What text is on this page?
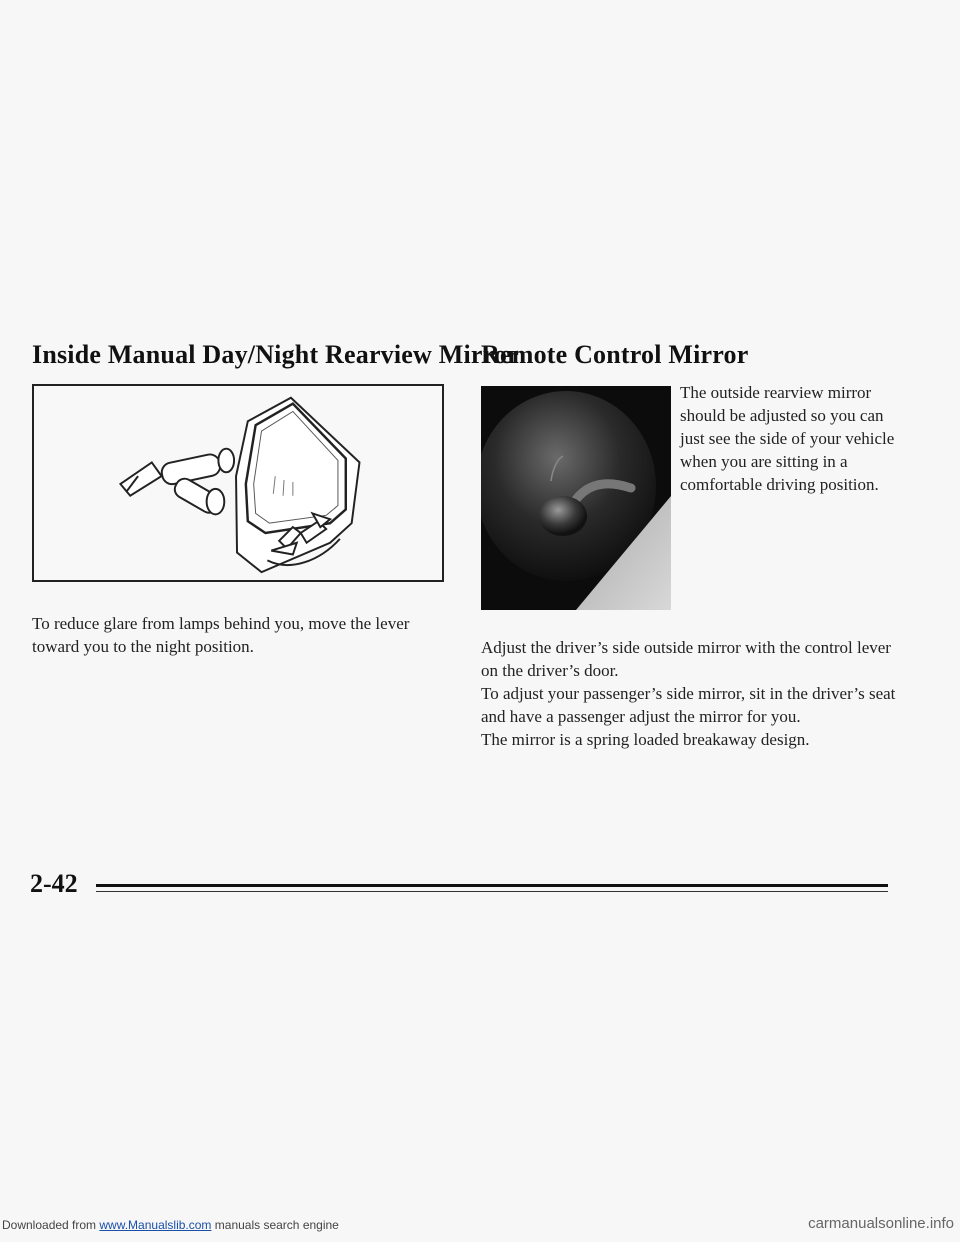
Inside Manual Day/Night Rearview Mirror
Remote Control Mirror

To reduce glare from lamps behind you, move the lever toward you to the night position.

The outside rearview mirror should be adjusted so you can just see the side of your vehicle when you are sitting in a comfortable driving position.

Adjust the driver’s side outside mirror with the control lever on the driver’s door.

To adjust your passenger’s side mirror, sit in the driver’s seat and have a passenger adjust the mirror for you.

The mirror is a spring loaded breakaway design.

2-42
Downloaded from www.Manualslib.com manuals search engine	carmanualsonline.info
